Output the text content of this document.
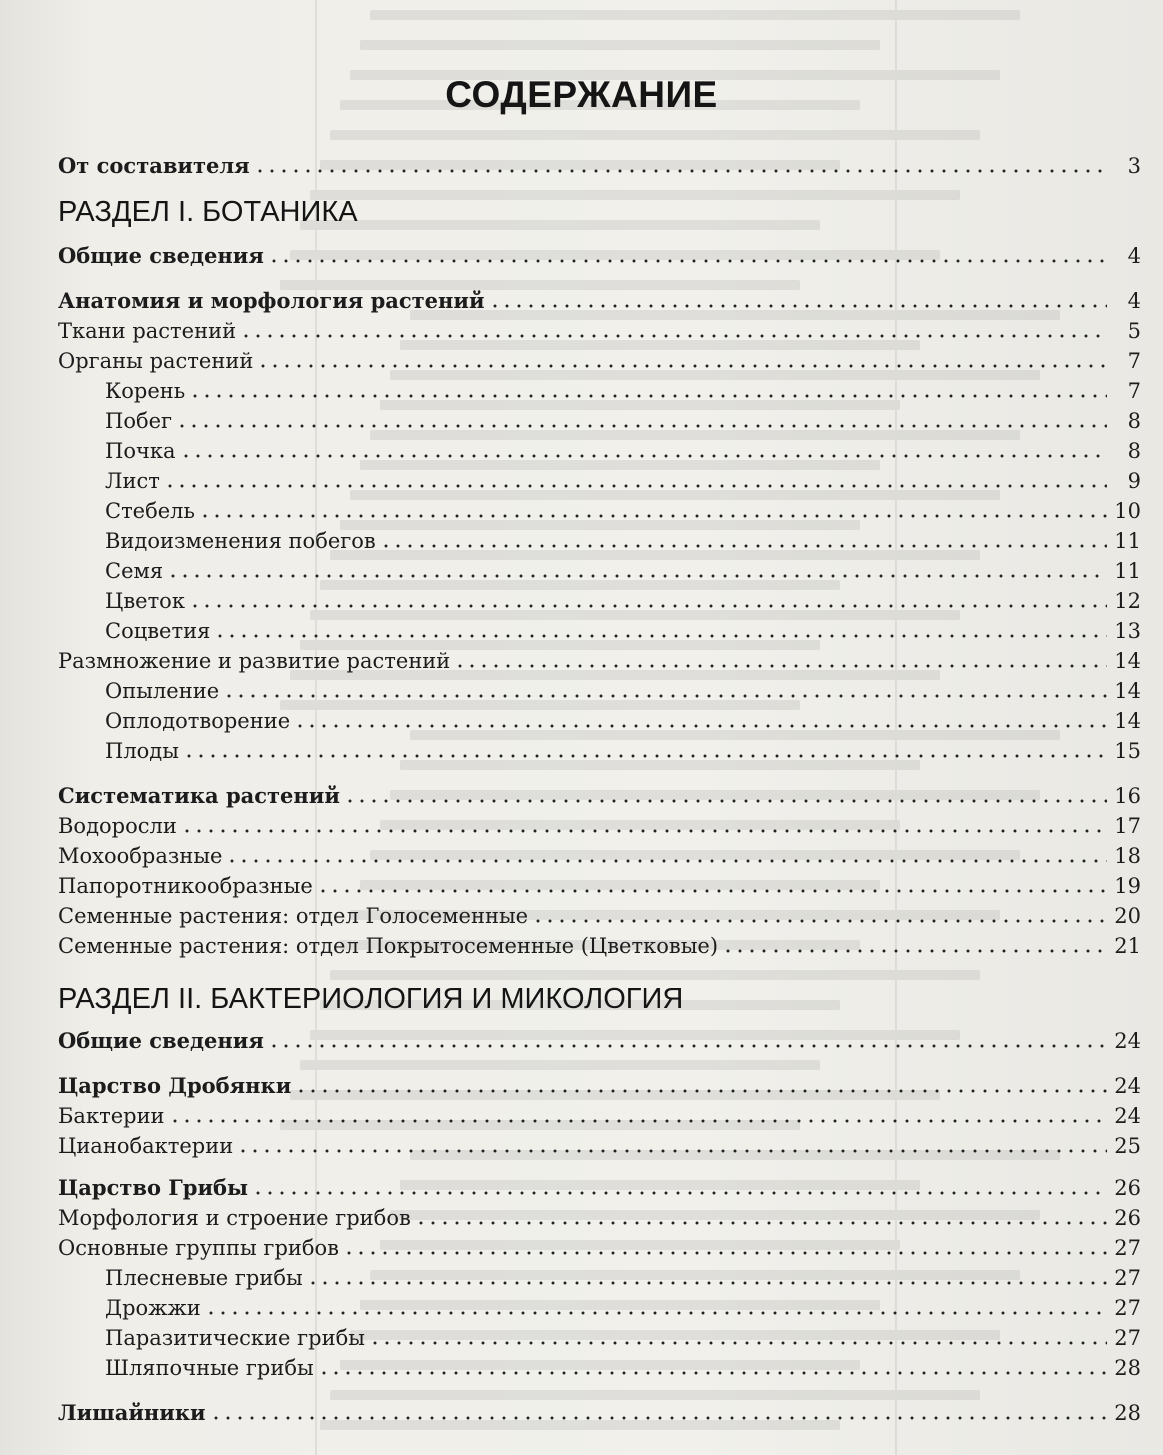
СОДЕРЖАНИЕ
РАЗДЕЛ I. БОТАНИКА
РАЗДЕЛ II. БАКТЕРИОЛОГИЯ И МИКОЛОГИЯ
От составителя	3
Общие сведения	4
Анатомия и морфология растений	4
Ткани растений	5
Органы растений	7
Корень	7
Побег	8
Почка	8
Лист	9
Стебель	10
Видоизменения побегов	11
Семя	11
Цветок	12
Соцветия	13
Размножение и развитие растений	14
Опыление	14
Оплодотворение	14
Плоды	15
Систематика растений	16
Водоросли	17
Мохообразные	18
Папоротникообразные	19
Семенные растения: отдел Голосеменные	20
Семенные растения: отдел Покрытосеменные (Цветковые)	21
Общие сведения	24
Царство Дробянки	24
Бактерии	24
Цианобактерии	25
Царство Грибы	26
Морфология и строение грибов	26
Основные группы грибов	27
Плесневые грибы	27
Дрожжи	27
Паразитические грибы	27
Шляпочные грибы	28
Лишайники	28
